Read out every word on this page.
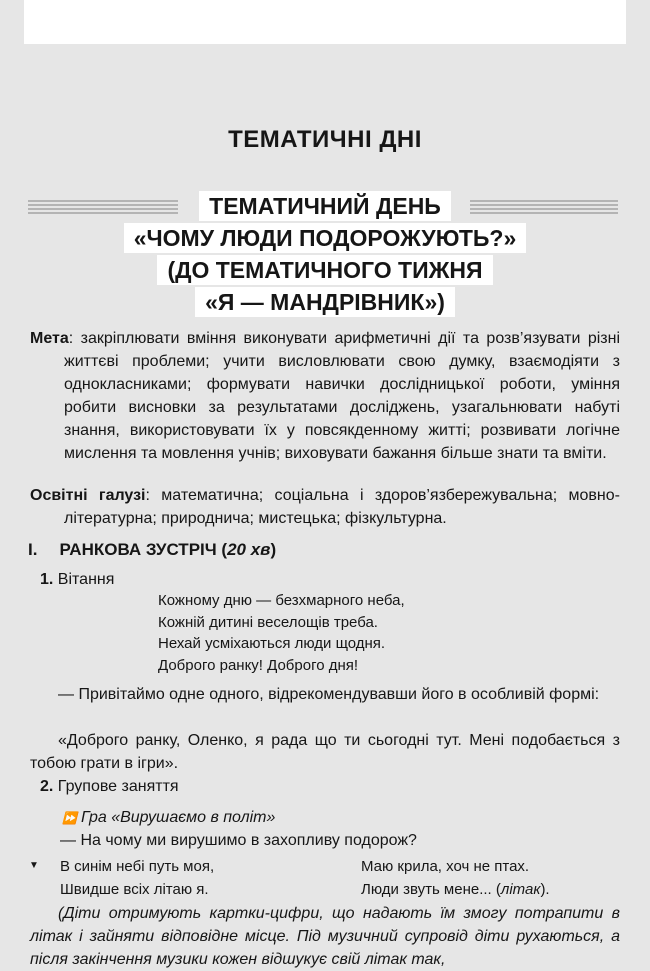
ТЕМАТИЧНІ ДНІ
ТЕМАТИЧНИЙ ДЕНЬ
«ЧОМУ ЛЮДИ ПОДОРОЖУЮТЬ?»
(ДО ТЕМАТИЧНОГО ТИЖНЯ
«Я — МАНДРІВНИК»)
Мета: закріплювати вміння виконувати арифметичні дії та розв’язувати різні життєві проблеми; учити висловлювати свою думку, взаємодіяти з однокласниками; формувати навички дослідницької роботи, уміння робити висновки за результатами досліджень, узагальнювати набуті знання, використовувати їх у повсякденному житті; розвивати логічне мислення та мовлення учнів; виховувати бажання більше знати та вміти.
Освітні галузі: математична; соціальна і здоров’язбережувальна; мовно-літературна; природнича; мистецька; фізкультурна.
I. РАНКОВА ЗУСТРІЧ (20 хв)
1. Вітання
Кожному дню — безхмарного неба,
Кожній дитині веселощів треба.
Нехай усміхаються люди щодня.
Доброго ранку! Доброго дня!
— Привітаймо одне одного, відрекомендувавши його в особливій формі:
«Доброго ранку, Оленко, я рада що ти сьогодні тут. Мені подобається з тобою грати в ігри».
2. Групове заняття
⏩ Гра «Вирушаємо в політ»
— На чому ми вирушимо в захопливу подорож?
▼ В синім небі путь моя,
Швидше всіх літаю я.
Маю крила, хоч не птах.
Люди звуть мене... (літак).
(Діти отримують картки-цифри, що надають їм змогу потрапити в літак і зайняти відповідне місце. Під музичний супровід діти рухаються, а після закінчення музики кожен відшукує свій літак так,
